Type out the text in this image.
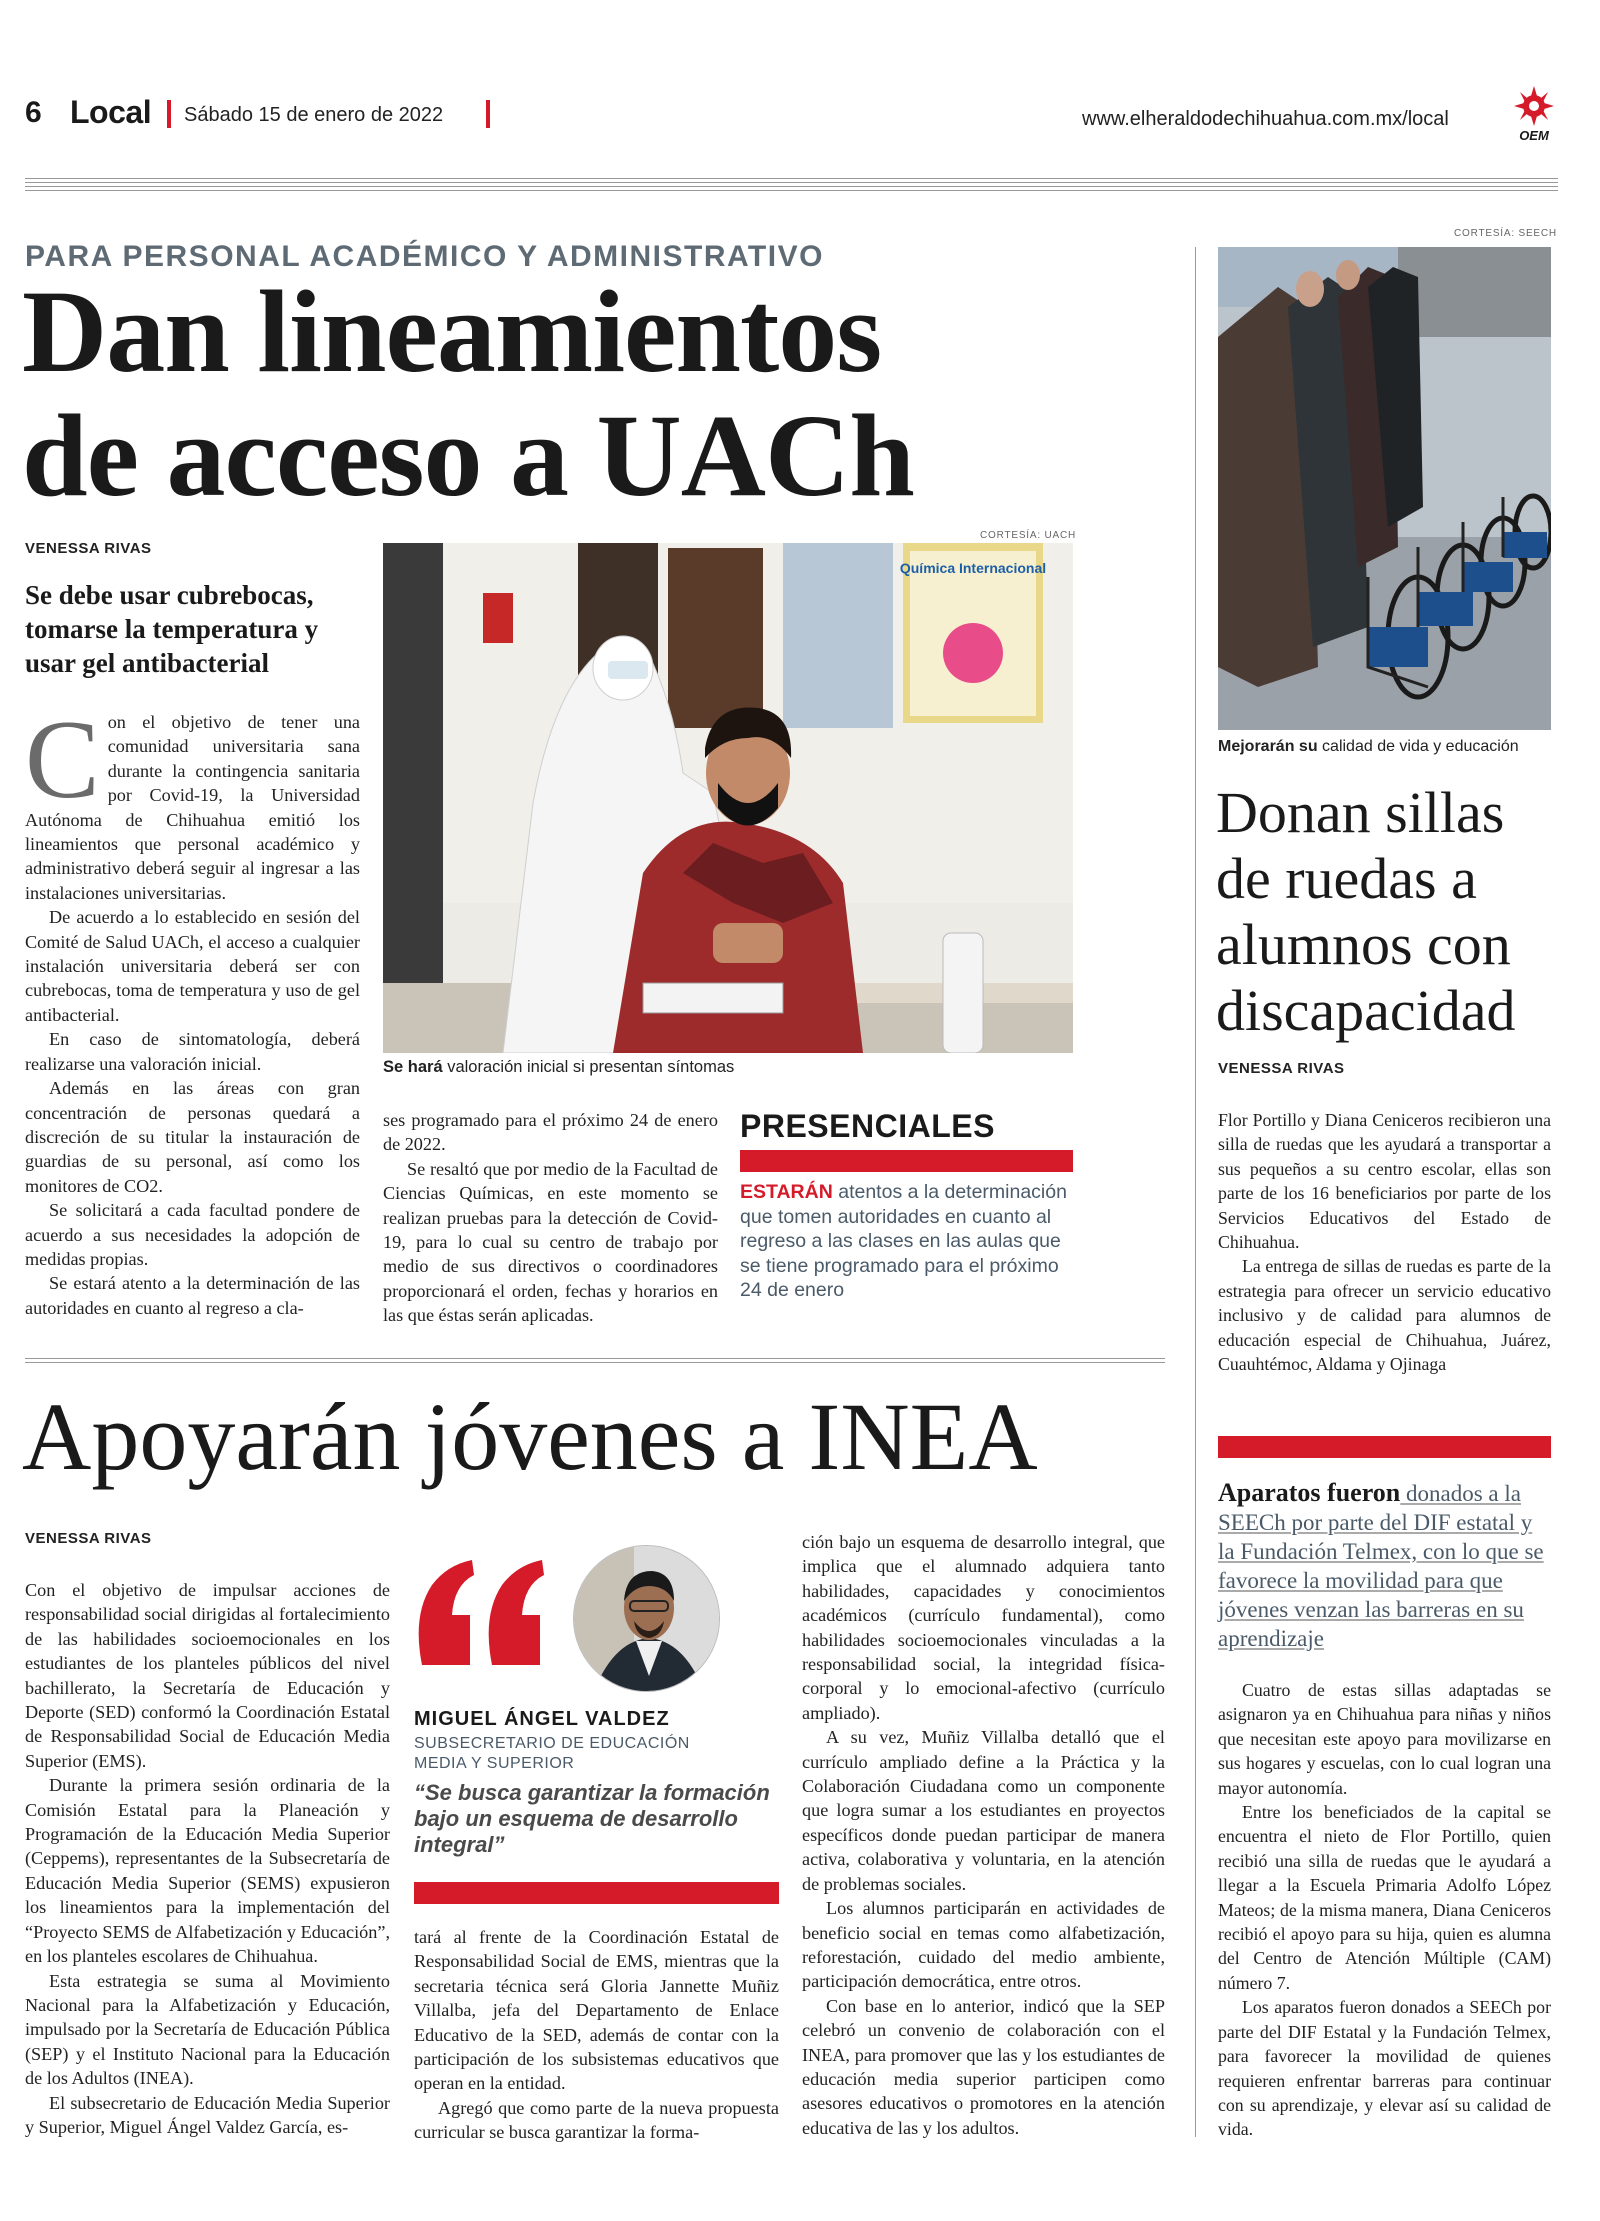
6 Local Sábado 15 de enero de 2022	www.elheraldodechihuahua.com.mx/local
OEM
PARA PERSONAL ACADÉMICO Y ADMINISTRATIVO
Dan lineamientos
de acceso a UACh
VENESSA RIVAS
Se debe usar cubrebocas, tomarse la temperatura y usar gel antibacterial

Con el objetivo de tener una comunidad universitaria sana durante la contingencia sanitaria por Covid-19, la Universidad Autónoma de Chihuahua emitió los lineamientos que personal académico y administrativo deberá seguir al ingresar a las instalaciones universitarias.

De acuerdo a lo establecido en sesión del Comité de Salud UACh, el acceso a cualquier instalación universitaria deberá ser con cubrebocas, toma de temperatura y uso de gel antibacterial.

En caso de sintomatología, deberá realizarse una valoración inicial.

Además en las áreas con gran concentración de personas quedará a discreción de su titular la instauración de guardias de su personal, así como los monitores de CO2.

Se solicitará a cada facultad pondere de acuerdo a sus necesidades la adopción de medidas propias.

Se estará atento a la determinación de las autoridades en cuanto al regreso a cla-

CORTESÍA: UACH
Química Internacional
Se hará valoración inicial si presentan síntomas

ses programado para el próximo 24 de enero de 2022.

Se resaltó que por medio de la Facultad de Ciencias Químicas, en este momento se realizan pruebas para la detección de Covid-19, para lo cual su centro de trabajo por medio de sus directivos o coordinadores proporcionará el orden, fechas y horarios en las que éstas serán aplicadas.

PRESENCIALES
ESTARÁN atentos a la determinación que tomen autoridades en cuanto al regreso a las clases en las aulas que se tiene programado para el próximo 24 de enero
CORTESÍA: SEECH
Mejorarán su calidad de vida y educación
Donan sillas de ruedas a alumnos con discapacidad
VENESSA RIVAS

Flor Portillo y Diana Ceniceros recibieron una silla de ruedas que les ayudará a transportar a sus pequeños a su centro escolar, ellas son parte de los 16 beneficiarios por parte de los Servicios Educativos del Estado de Chihuahua.

La entrega de sillas de ruedas es parte de la estrategia para ofrecer un servicio educativo inclusivo y de calidad para alumnos de educación especial de Chihuahua, Juárez, Cuauhtémoc, Aldama y Ojinaga

Aparatos fueron donados a la SEECh por parte del DIF estatal y la Fundación Telmex, con lo que se favorece la movilidad para que jóvenes venzan las barreras en su aprendizaje

Cuatro de estas sillas adaptadas se asignaron ya en Chihuahua para niñas y niños que necesitan este apoyo para movilizarse en sus hogares y escuelas, con lo cual logran una mayor autonomía.

Entre los beneficiados de la capital se encuentra el nieto de Flor Portillo, quien recibió una silla de ruedas que le ayudará a llegar a la Escuela Primaria Adolfo López Mateos; de la misma manera, Diana Ceniceros recibió el apoyo para su hija, quien es alumna del Centro de Atención Múltiple (CAM) número 7.

Los aparatos fueron donados a SEECh por parte del DIF Estatal y la Fundación Telmex, para favorecer la movilidad de quienes requieren enfrentar barreras para continuar con su aprendizaje, y elevar así su calidad de vida.

Apoyarán jóvenes a INEA
VENESSA RIVAS

Con el objetivo de impulsar acciones de responsabilidad social dirigidas al fortalecimiento de las habilidades socioemocionales en los estudiantes de los planteles públicos del nivel bachillerato, la Secretaría de Educación y Deporte (SED) conformó la Coordinación Estatal de Responsabilidad Social de Educación Media Superior (EMS).

Durante la primera sesión ordinaria de la Comisión Estatal para la Planeación y Programación de la Educación Media Superior (Ceppems), representantes de la Subsecretaría de Educación Media Superior (SEMS) expusieron los lineamientos para la implementación del “Proyecto SEMS de Alfabetización y Educación”, en los planteles escolares de Chihuahua.

Esta estrategia se suma al Movimiento Nacional para la Alfabetización y Educación, impulsado por la Secretaría de Educación Pública (SEP) y el Instituto Nacional para la Educación de los Adultos (INEA).

El subsecretario de Educación Media Superior y Superior, Miguel Ángel Valdez García, es-

MIGUEL ÁNGEL VALDEZ
SUBSECRETARIO DE EDUCACIÓN MEDIA Y SUPERIOR
“Se busca garantizar la formación bajo un esquema de desarrollo integral”

tará al frente de la Coordinación Estatal de Responsabilidad Social de EMS, mientras que la secretaria técnica será Gloria Jannette Muñiz Villalba, jefa del Departamento de Enlace Educativo de la SED, además de contar con la participación de los subsistemas educativos que operan en la entidad.

Agregó que como parte de la nueva propuesta curricular se busca garantizar la forma-

ción bajo un esquema de desarrollo integral, que implica que el alumnado adquiera tanto habilidades, capacidades y conocimientos académicos (currículo fundamental), como habilidades socioemocionales vinculadas a la responsabilidad social, la integridad física-corporal y lo emocional-afectivo (currículo ampliado).

A su vez, Muñiz Villalba detalló que el currículo ampliado define a la Práctica y la Colaboración Ciudadana como un componente que logra sumar a los estudiantes en proyectos específicos donde puedan participar de manera activa, colaborativa y voluntaria, en la atención de problemas sociales.

Los alumnos participarán en actividades de beneficio social en temas como alfabetización, reforestación, cuidado del medio ambiente, participación democrática, entre otros.

Con base en lo anterior, indicó que la SEP celebró un convenio de colaboración con el INEA, para promover que las y los estudiantes de educación media superior participen como asesores educativos o promotores en la atención educativa de las y los adultos.
